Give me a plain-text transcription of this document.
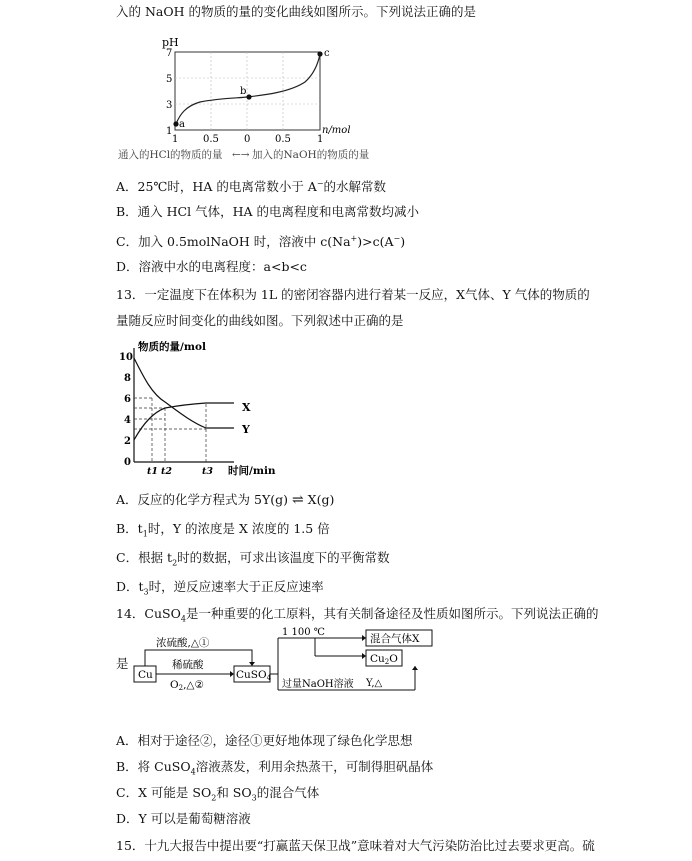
入的 NaOH 的物质的量的变化曲线如图所示。下列说法正确的是
pH
7
5
3
1
1 0.5	0 0.5	1
n/mol
a
b
c
通入的HCl的物质的量 ←→ 加入的NaOH的物质的量
A．25℃时，HA 的电离常数小于 A−的水解常数
B．通入 HCl 气体，HA 的电离程度和电离常数均减小
C．加入 0.5molNaOH 时，溶液中 c(Na+)>c(A−)
D．溶液中水的电离程度：a<b<c
13．一定温度下在体积为 1L 的密闭容器内进行着某一反应，X气体、Y 气体的物质的
量随反应时间变化的曲线如图。下列叙述中正确的是
物质的量/mol
10
8
6
4
2
0
X
Y
t1 t2	t3 时间/min
A．反应的化学方程式为 5Y(g) ⇌ X(g)
B．$t_1$时，Y 的浓度是 X 浓度的 1.5 倍
C．根据 $t_2$时的数据，可求出该温度下的平衡常数
D．$t_3$时，逆反应速率大于正反应速率
14．CuSO$_4$是一种重要的化工原料，其有关制备途径及性质如图所示。下列说法正确的
是
Cu	CuSO4
浓硫酸,△①
稀硫酸
O2,△②
1 100 ℃
混合气体X
Cu2O
过量NaOH溶液 Y,△
A．相对于途径②，途径①更好地体现了绿色化学思想
B．将 CuSO$_4$溶液蒸发，利用余热蒸干，可制得胆矾晶体
C．X 可能是 $SO_2$和 $SO_3$的混合气体
D．Y 可以是葡萄糖溶液
15．十九大报告中提出要“打赢蓝天保卫战”意味着对大气污染防治比过去要求更高。硫
